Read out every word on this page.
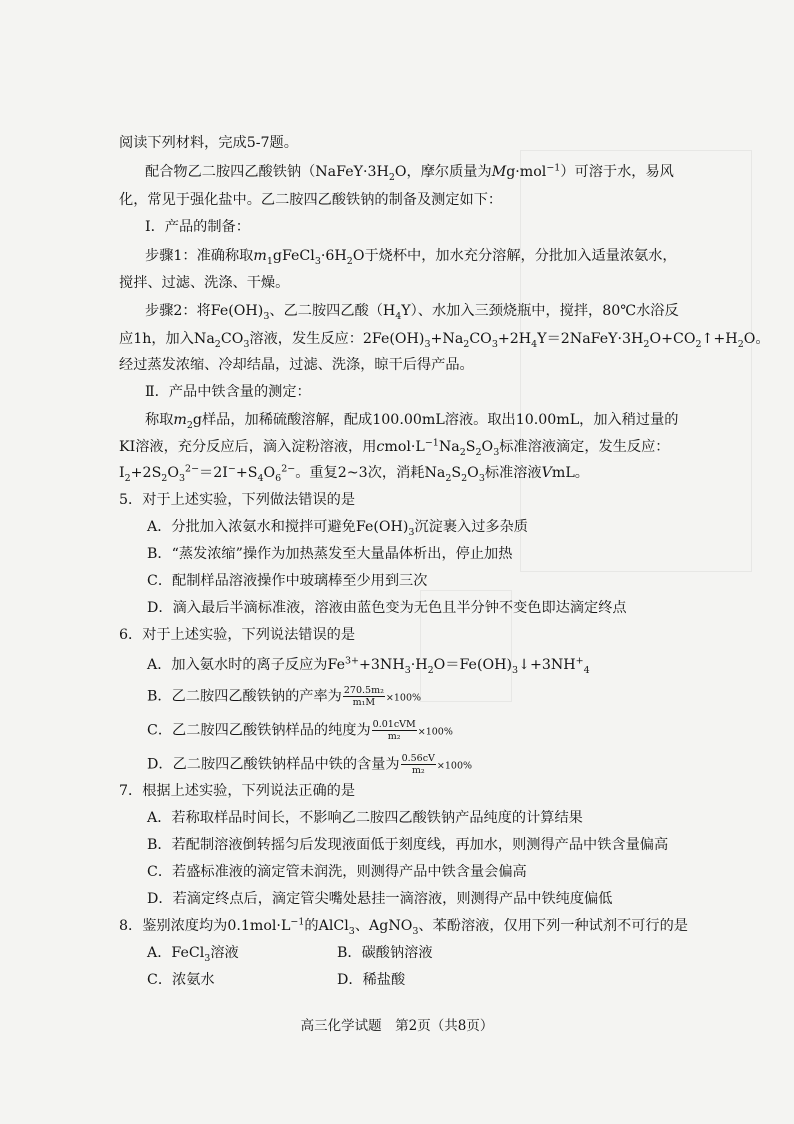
阅读下列材料，完成5-7题。
配合物乙二胺四乙酸铁钠（$NaFeY\cdot 3H_2O$，摩尔质量为Mg·mol$^{-1}$）可溶于水，易风
化，常见于强化盐中。乙二胺四乙酸铁钠的制备及测定如下：
Ⅰ．产品的制备：
步骤1：准确称取$m_1gFeCl_3\cdot 6H_2O$于烧杯中，加水充分溶解，分批加入适量浓氨水，
搅拌、过滤、洗涤、干燥。
步骤2：将$Fe(OH)_3$、乙二胺四乙酸$(H_4Y)$、水加入三颈烧瓶中，搅拌，80℃水浴反
应1h，加入$Na_2CO_3$溶液，发生反应：$2Fe(OH)_3+Na_2CO_3+2H_4Y=2NaFeY\cdot 3H_2O+CO_2↑+H_2O$。
经过蒸发浓缩、冷却结晶，过滤、洗涤，晾干后得产品。
Ⅱ．产品中铁含量的测定：
称取$m_2g$样品，加稀硫酸溶解，配成100.00mL溶液。取出10.00mL，加入稍过量的
KI溶液，充分反应后，滴入淀粉溶液，用$cmol\cdot L^{-1}Na_2S_2O_3$标准溶液滴定，发生反应：
$I_2+2S_2O_3^{2-}=2I^-+S_4O_6^{2-}$。重复2~3次，消耗$Na_2S_2O_3$标准溶液VmL。
5．对于上述实验，下列做法错误的是
A．分批加入浓氨水和搅拌可避免$Fe(OH)_3$沉淀裹入过多杂质
B．“蒸发浓缩”操作为加热蒸发至大量晶体析出，停止加热
C．配制样品溶液操作中玻璃棒至少用到三次
D．滴入最后半滴标准液，溶液由蓝色变为无色且半分钟不变色即达滴定终点
6．对于上述实验，下列说法错误的是
A．加入氨水时的离子反应为$Fe^{3+}+3NH_3\cdot H_2O=Fe(OH)_3↓+3NH^+_4$
B．乙二胺四乙酸铁钠的产率为 $\frac{\text{270.5m₂}}{\text{m₁M}} \times 100\%$
C．乙二胺四乙酸铁钠样品的纯度为 $\frac{\text{0.01cVM}}{\text{m₂}} \times 100\%$
D．乙二胺四乙酸铁钠样品中铁的含量为 $\frac{0.56cV}{\text{m₂}} \times 100\%$
7．根据上述实验，下列说法正确的是
A．若称取样品时间长，不影响乙二胺四乙酸铁钠产品纯度的计算结果
B．若配制溶液倒转摇匀后发现液面低于刻度线，再加水，则测得产品中铁含量偏高
C．若盛标准液的滴定管未润洗，则测得产品中铁含量会偏高
D．若滴定终点后，滴定管尖嘴处悬挂一滴溶液，则测得产品中铁纯度偏低
8．鉴别浓度均为$0.1mol\cdot L^{-1}$的AlCl$_3$、AgNO$_3$、苯酚溶液，仅用下列一种试剂不可行的是
A．FeCl$_3$溶液	B．碳酸钠溶液
C．浓氨水	D．稀盐酸
高三化学试题　第2页（共8页）
